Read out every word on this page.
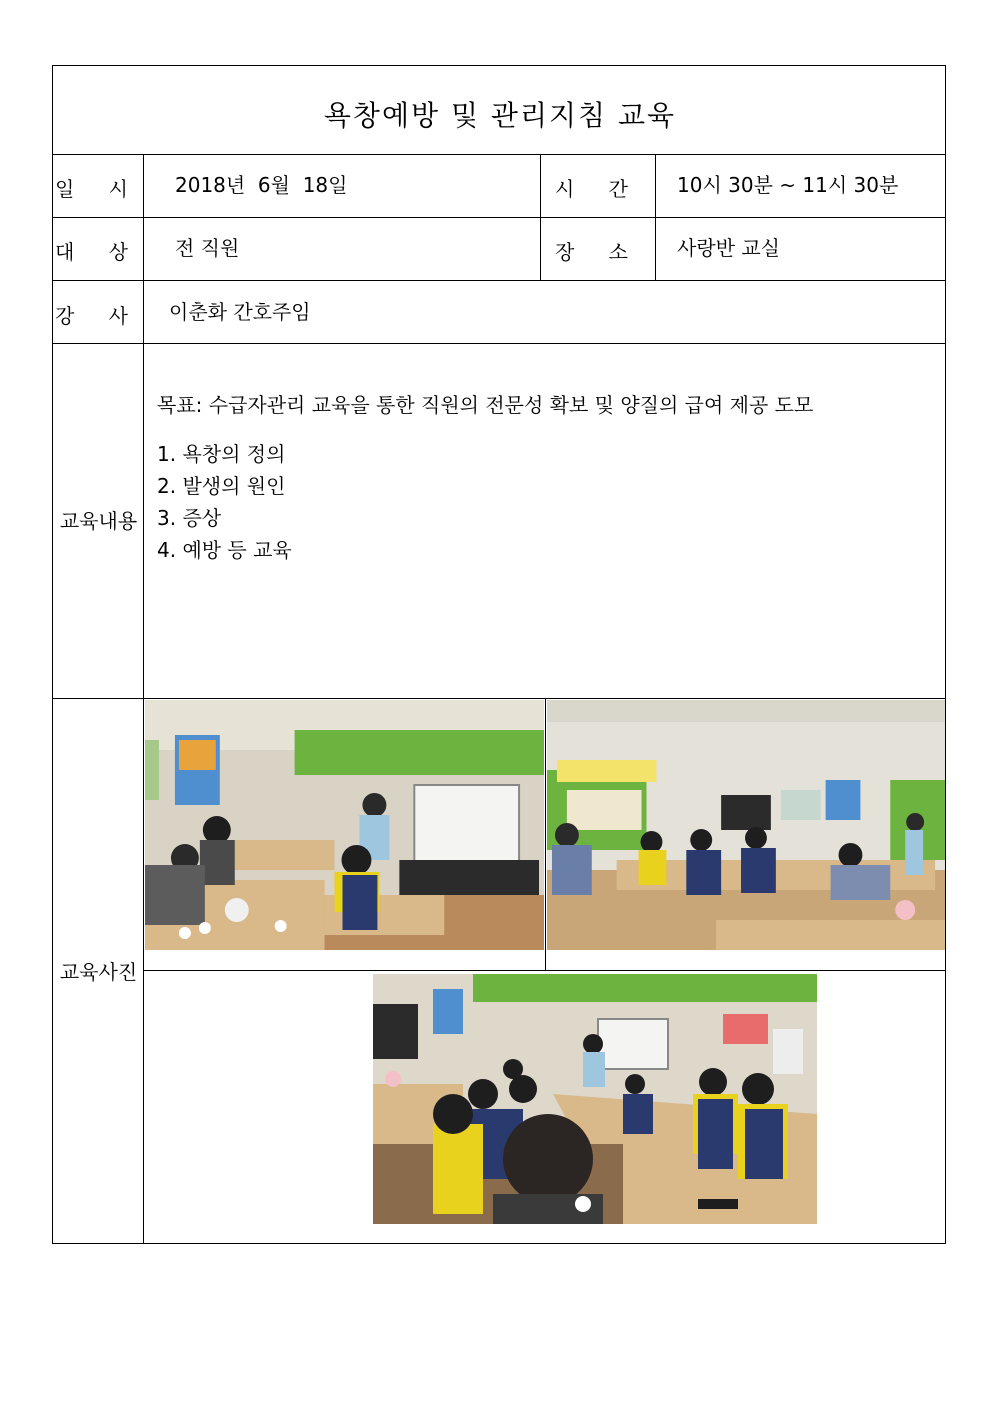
욕창예방 및 관리지침 교육
일 시 2018년  6월  18일	시 간	10시 30분 ~ 11시 30분
대 상 전 직원	장 소	사랑반 교실
강 사 이춘화 간호주임
교육내용
목표: 수급자관리 교육을 통한 직원의 전문성 확보 및 양질의 급여 제공 도모
1. 욕창의 정의
2. 발생의 원인
3. 증상
4. 예방 등 교육
교육사진
